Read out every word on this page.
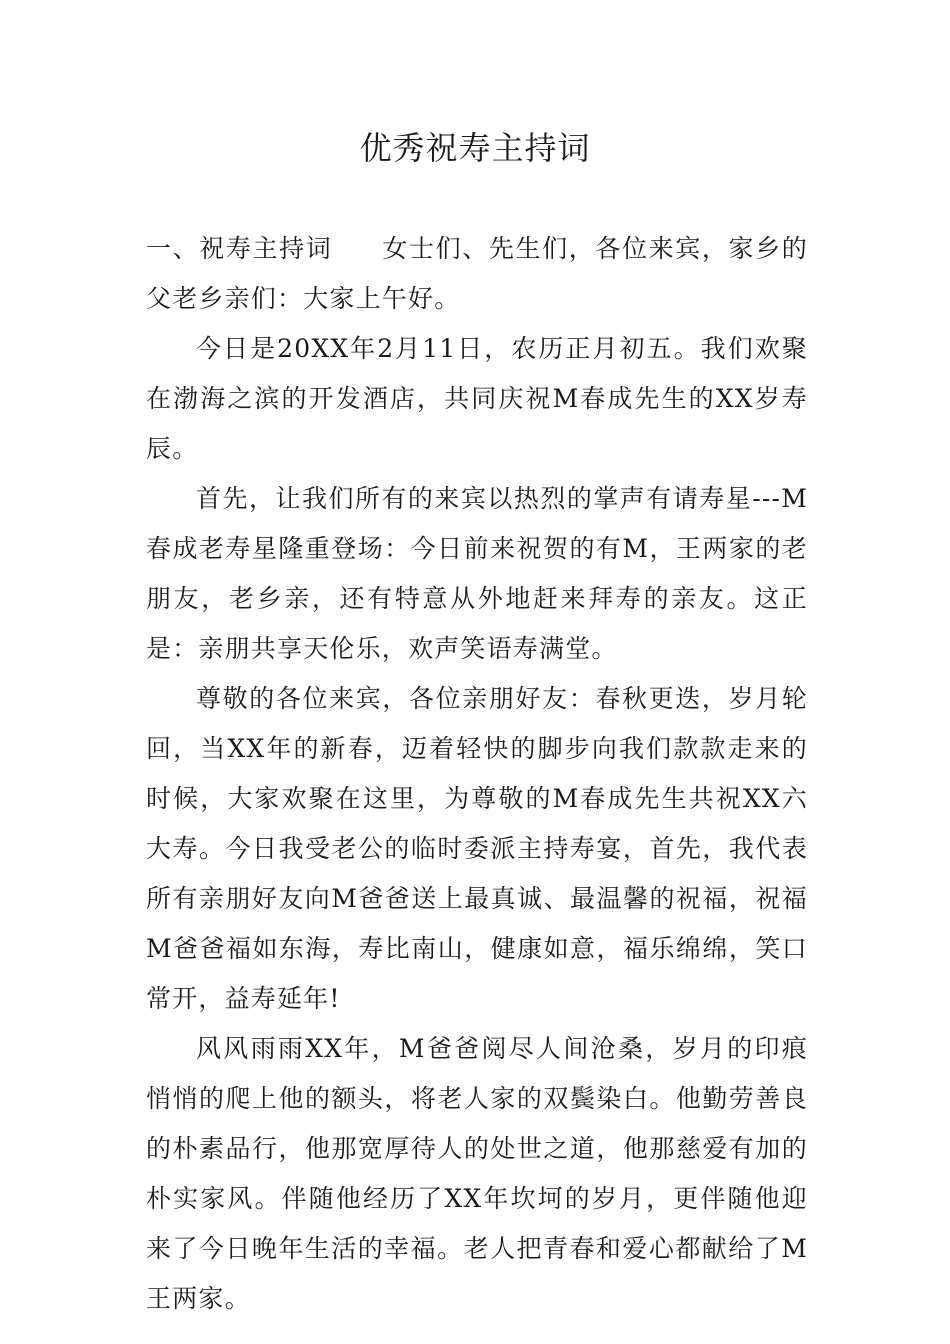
优秀祝寿主持词

一、祝寿主持词 女士们、先生们，各位来宾，家乡的父老乡亲们：大家上午好。

今日是20XX年2月11日，农历正月初五。我们欢聚在渤海之滨的开发酒店，共同庆祝M春成先生的XX岁寿辰。

首先，让我们所有的来宾以热烈的掌声有请寿星---M春成老寿星隆重登场：今日前来祝贺的有M，王两家的老朋友，老乡亲，还有特意从外地赶来拜寿的亲友。这正是：亲朋共享天伦乐，欢声笑语寿满堂。

尊敬的各位来宾，各位亲朋好友：春秋更迭，岁月轮回，当XX年的新春，迈着轻快的脚步向我们款款走来的时候，大家欢聚在这里，为尊敬的M春成先生共祝XX六大寿。今日我受老公的临时委派主持寿宴，首先，我代表所有亲朋好友向M爸爸送上最真诚、最温馨的祝福，祝福M爸爸福如东海，寿比南山，健康如意，福乐绵绵，笑口常开，益寿延年!

风风雨雨XX年，M爸爸阅尽人间沧桑，岁月的印痕悄悄的爬上他的额头，将老人家的双鬓染白。他勤劳善良的朴素品行，他那宽厚待人的处世之道，他那慈爱有加的朴实家风。伴随他经历了XX年坎坷的岁月，更伴随他迎来了今日晚年生活的幸福。老人把青春和爱心都献给了M王两家。
